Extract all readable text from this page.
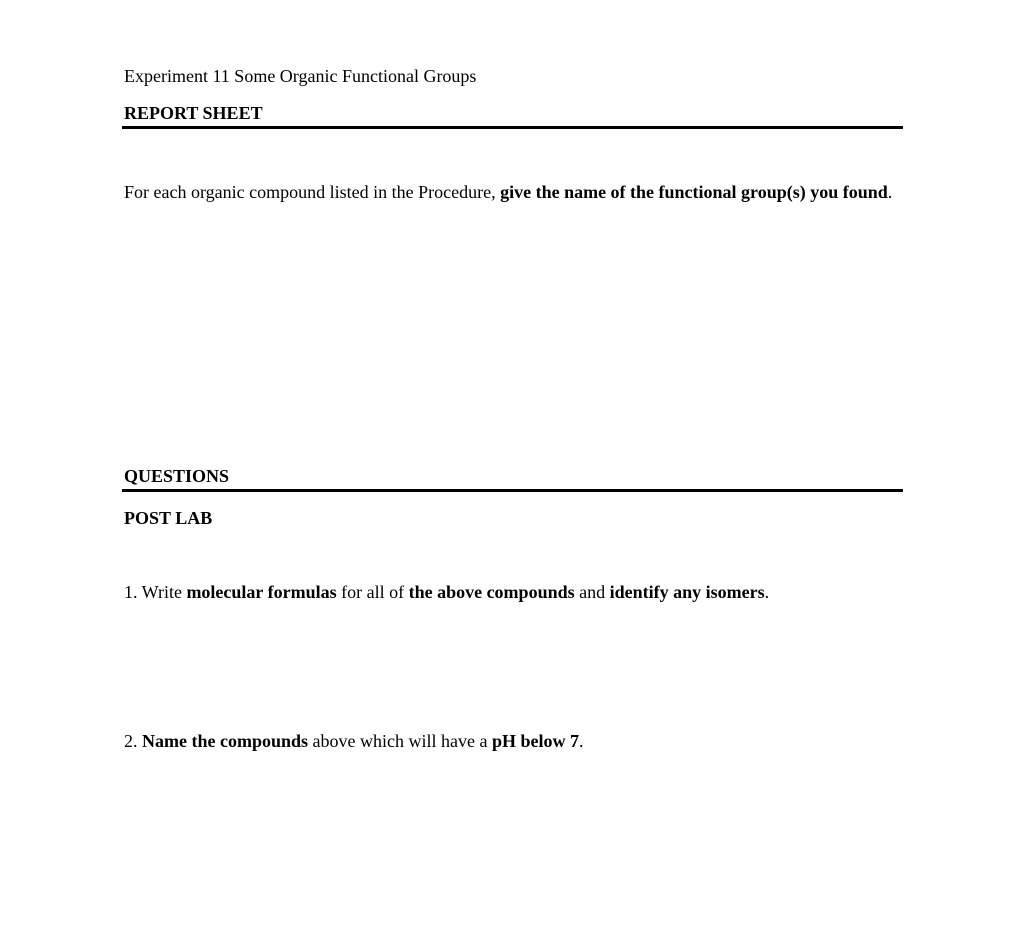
Experiment 11 Some Organic Functional Groups
REPORT SHEET
For each organic compound listed in the Procedure, give the name of the functional group(s) you found.
QUESTIONS
POST LAB
1. Write molecular formulas for all of the above compounds and identify any isomers.
2. Name the compounds above which will have a pH below 7.
